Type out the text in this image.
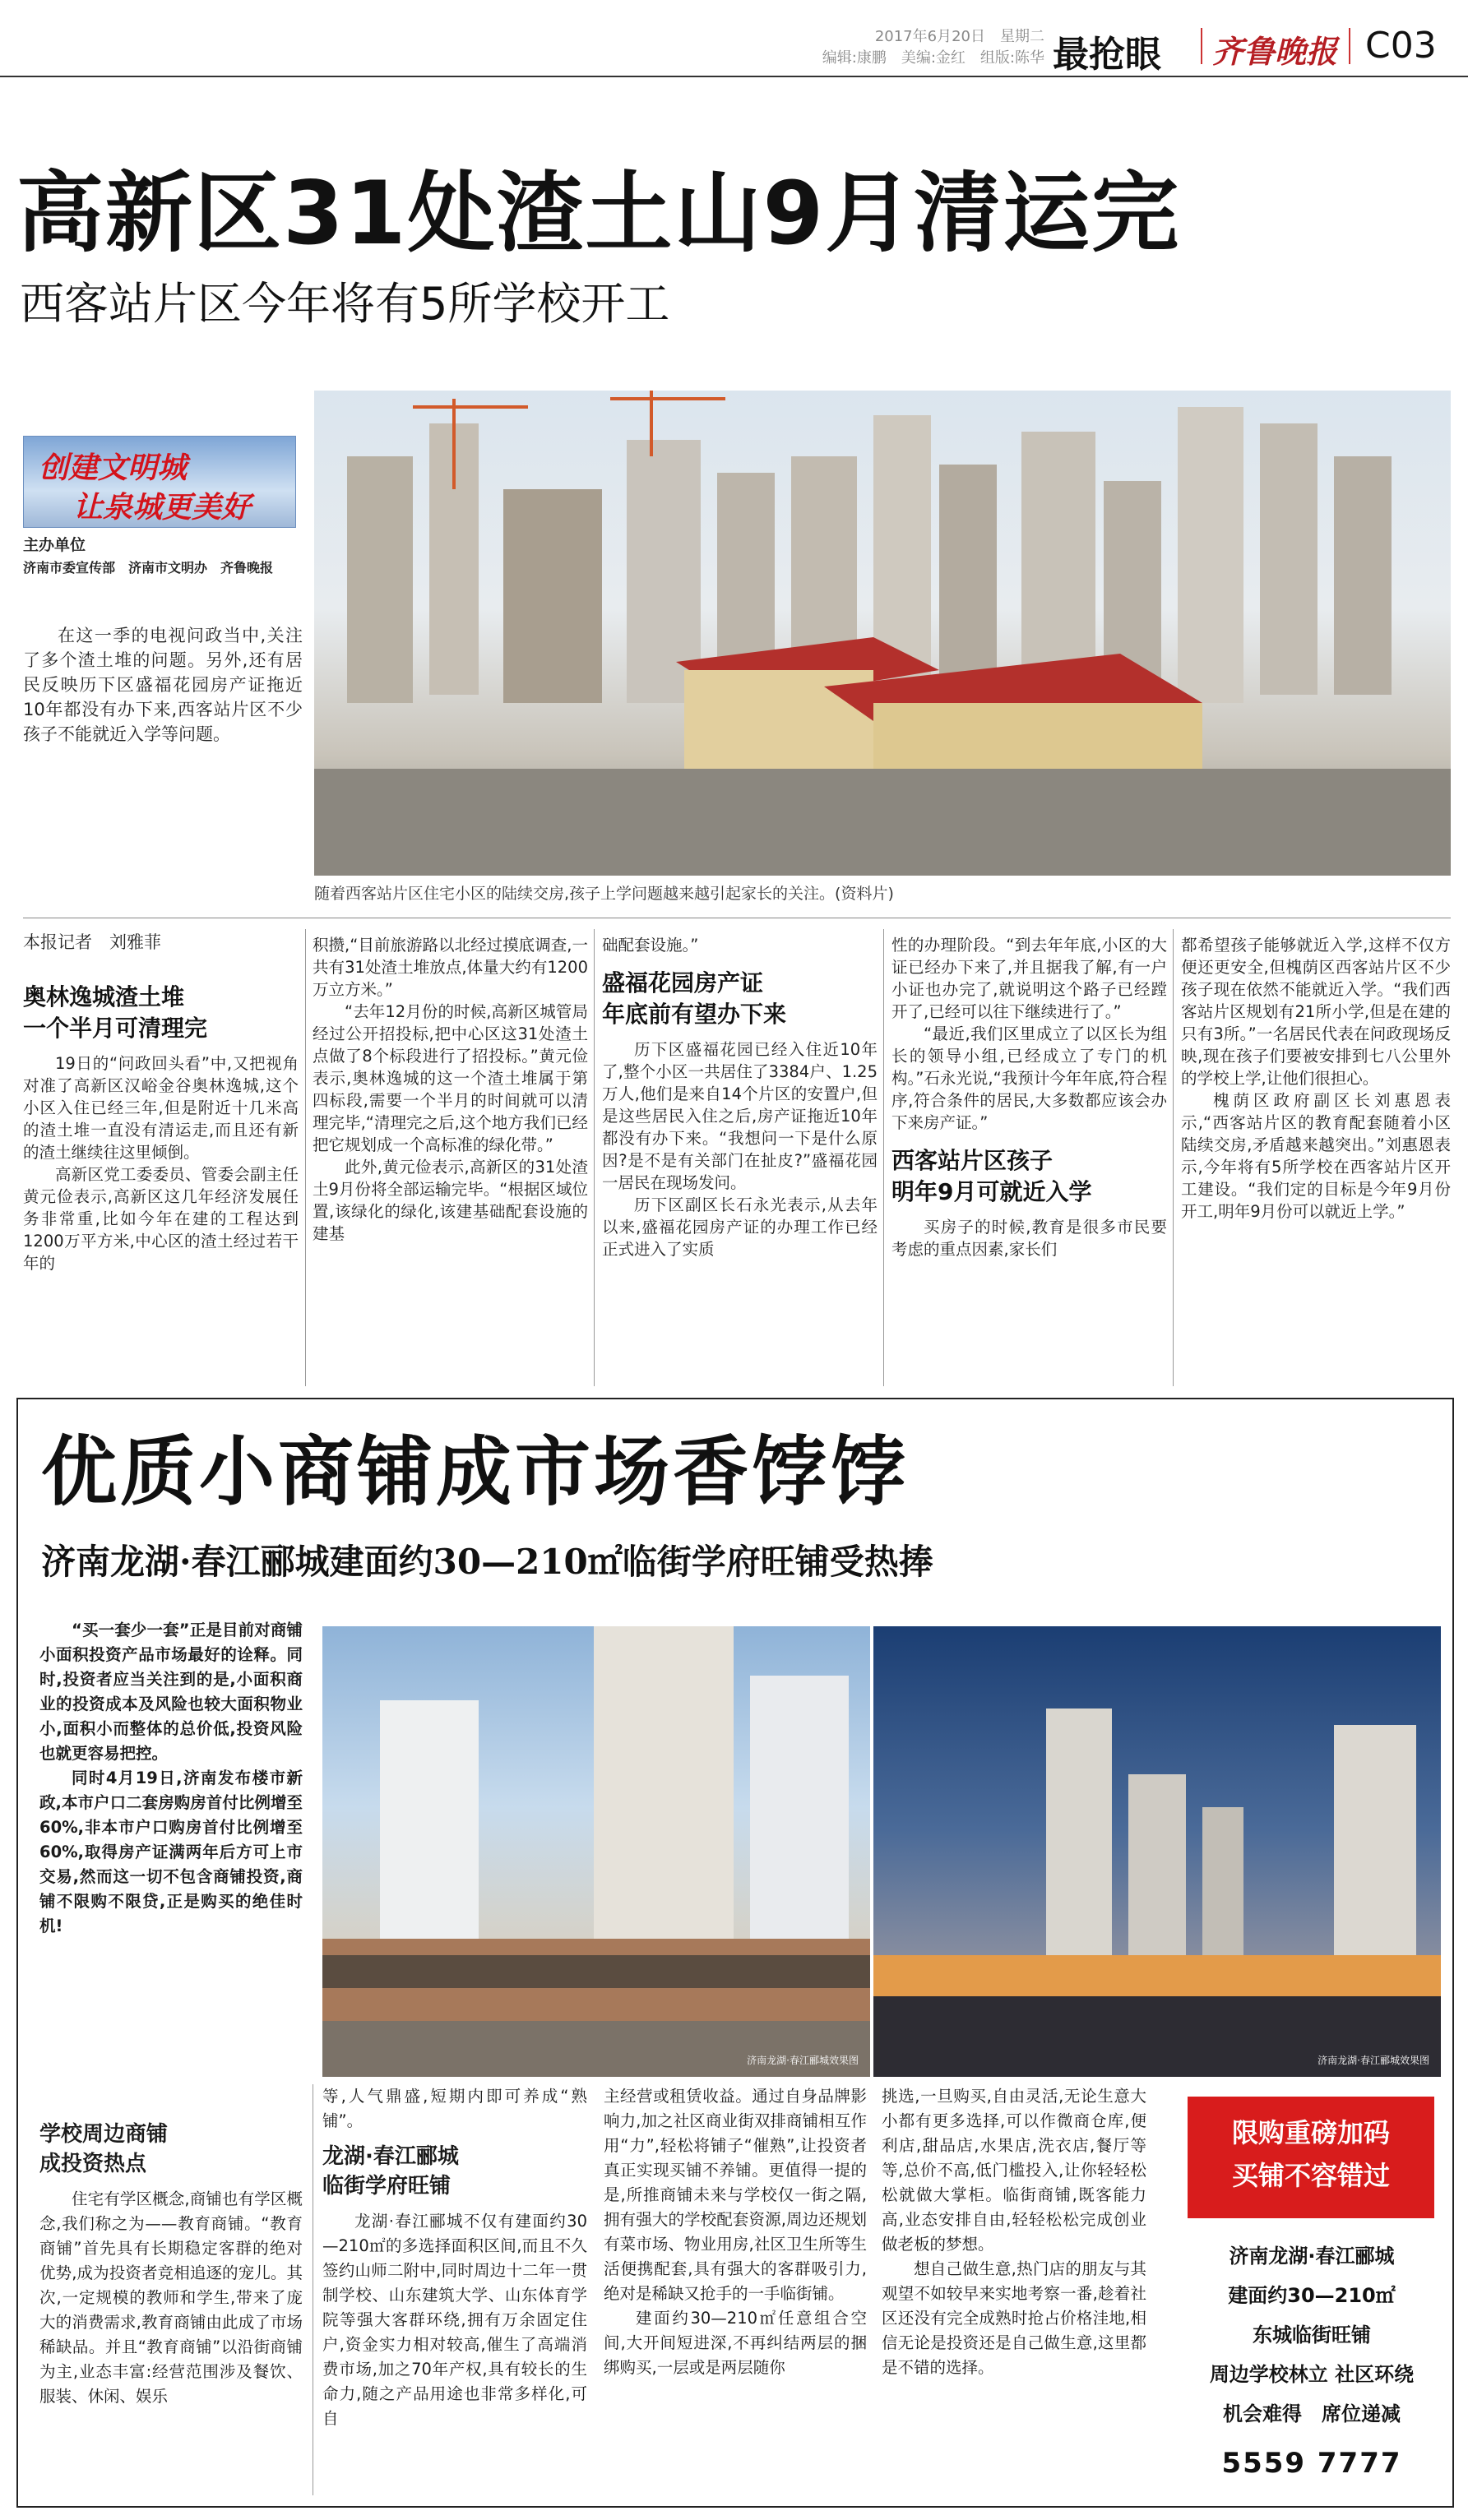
2017年6月20日　星期二
编辑:康鹏　美编:金红　组版:陈华 最抢眼 齐鲁晚报 C03
高新区31处渣土山9月清运完
西客站片区今年将有5所学校开工
创建文明城
让泉城更美好
主办单位
济南市委宣传部　济南市文明办　齐鲁晚报
在这一季的电视问政当中,关注了多个渣土堆的问题。另外,还有居民反映历下区盛福花园房产证拖近10年都没有办下来,西客站片区不少孩子不能就近入学等问题。
随着西客站片区住宅小区的陆续交房,孩子上学问题越来越引起家长的关注。(资料片)
本报记者　刘雅菲
奥林逸城渣土堆
一个半月可清理完

19日的“问政回头看”中,又把视角对准了高新区汉峪金谷奥林逸城,这个小区入住已经三年,但是附近十几米高的渣土堆一直没有清运走,而且还有新的渣土继续往这里倾倒。

高新区党工委委员、管委会副主任黄元俭表示,高新区这几年经济发展任务非常重,比如今年在建的工程达到1200万平方米,中心区的渣土经过若干年的

积攒,“目前旅游路以北经过摸底调查,一共有31处渣土堆放点,体量大约有1200万立方米。”

“去年12月份的时候,高新区城管局经过公开招投标,把中心区这31处渣土点做了8个标段进行了招投标。”黄元俭表示,奥林逸城的这一个渣土堆属于第四标段,需要一个半月的时间就可以清理完毕,“清理完之后,这个地方我们已经把它规划成一个高标准的绿化带。”

此外,黄元俭表示,高新区的31处渣土9月份将全部运输完毕。“根据区域位置,该绿化的绿化,该建基础配套设施的建基

础配套设施。”

盛福花园房产证
年底前有望办下来

历下区盛福花园已经入住近10年了,整个小区一共居住了3384户、1.25万人,他们是来自14个片区的安置户,但是这些居民入住之后,房产证拖近10年都没有办下来。“我想问一下是什么原因?是不是有关部门在扯皮?”盛福花园一居民在现场发问。

历下区副区长石永光表示,从去年以来,盛福花园房产证的办理工作已经正式进入了实质

性的办理阶段。“到去年年底,小区的大证已经办下来了,并且据我了解,有一户小证也办完了,就说明这个路子已经蹚开了,已经可以往下继续进行了。”

“最近,我们区里成立了以区长为组长的领导小组,已经成立了专门的机构。”石永光说,“我预计今年年底,符合程序,符合条件的居民,大多数都应该会办下来房产证。”

西客站片区孩子
明年9月可就近入学

买房子的时候,教育是很多市民要考虑的重点因素,家长们

都希望孩子能够就近入学,这样不仅方便还更安全,但槐荫区西客站片区不少孩子现在依然不能就近入学。“我们西客站片区规划有21所小学,但是在建的只有3所。”一名居民代表在问政现场反映,现在孩子们要被安排到七八公里外的学校上学,让他们很担心。

槐荫区政府副区长刘惠恩表示,“西客站片区的教育配套随着小区陆续交房,矛盾越来越突出。”刘惠恩表示,今年将有5所学校在西客站片区开工建设。“我们定的目标是今年9月份开工,明年9月份可以就近上学。”

优质小商铺成市场香饽饽
济南龙湖·春江郦城建面约30—210㎡临街学府旺铺受热捧

“买一套少一套”正是目前对商铺小面积投资产品市场最好的诠释。同时,投资者应当关注到的是,小面积商业的投资成本及风险也较大面积物业小,面积小而整体的总价低,投资风险也就更容易把控。

同时4月19日,济南发布楼市新政,本市户口二套房购房首付比例增至60%,非本市户口购房首付比例增至60%,取得房产证满两年后方可上市交易,然而这一切不包含商铺投资,商铺不限购不限贷,正是购买的绝佳时机!

济南龙湖·春江郦城效果图	济南龙湖·春江郦城效果图
学校周边商铺
成投资热点

住宅有学区概念,商铺也有学区概念,我们称之为——教育商铺。“教育商铺”首先具有长期稳定客群的绝对优势,成为投资者竞相追逐的宠儿。其次,一定规模的教师和学生,带来了庞大的消费需求,教育商铺由此成了市场稀缺品。并且“教育商铺”以沿街商铺为主,业态丰富:经营范围涉及餐饮、服装、休闲、娱乐

等,人气鼎盛,短期内即可养成“熟铺”。

龙湖·春江郦城
临街学府旺铺

龙湖·春江郦城不仅有建面约30—210㎡的多选择面积区间,而且不久签约山师二附中,同时周边十二年一贯制学校、山东建筑大学、山东体育学院等强大客群环绕,拥有万余固定住户,资金实力相对较高,催生了高端消费市场,加之70年产权,具有较长的生命力,随之产品用途也非常多样化,可自

主经营或租赁收益。通过自身品牌影响力,加之社区商业街双排商铺相互作用“力”,轻松将铺子“催熟”,让投资者真正实现买铺不养铺。更值得一提的是,所推商铺未来与学校仅一街之隔,拥有强大的学校配套资源,周边还规划有菜市场、物业用房,社区卫生所等生活便携配套,具有强大的客群吸引力,绝对是稀缺又抢手的一手临街铺。

建面约30—210㎡任意组合空间,大开间短进深,不再纠结两层的捆绑购买,一层或是两层随你

挑选,一旦购买,自由灵活,无论生意大小都有更多选择,可以作微商仓库,便利店,甜品店,水果店,洗衣店,餐厅等等,总价不高,低门槛投入,让你轻轻松松就做大掌柜。临街商铺,既客能力高,业态安排自由,轻轻松松完成创业做老板的梦想。

想自己做生意,热门店的朋友与其观望不如较早来实地考察一番,趁着社区还没有完全成熟时抢占价格洼地,相信无论是投资还是自己做生意,这里都是不错的选择。

限购重磅加码
买铺不容错过
济南龙湖·春江郦城
建面约30—210㎡
东城临街旺铺
周边学校林立 社区环绕
机会难得　席位递减
5559 7777
